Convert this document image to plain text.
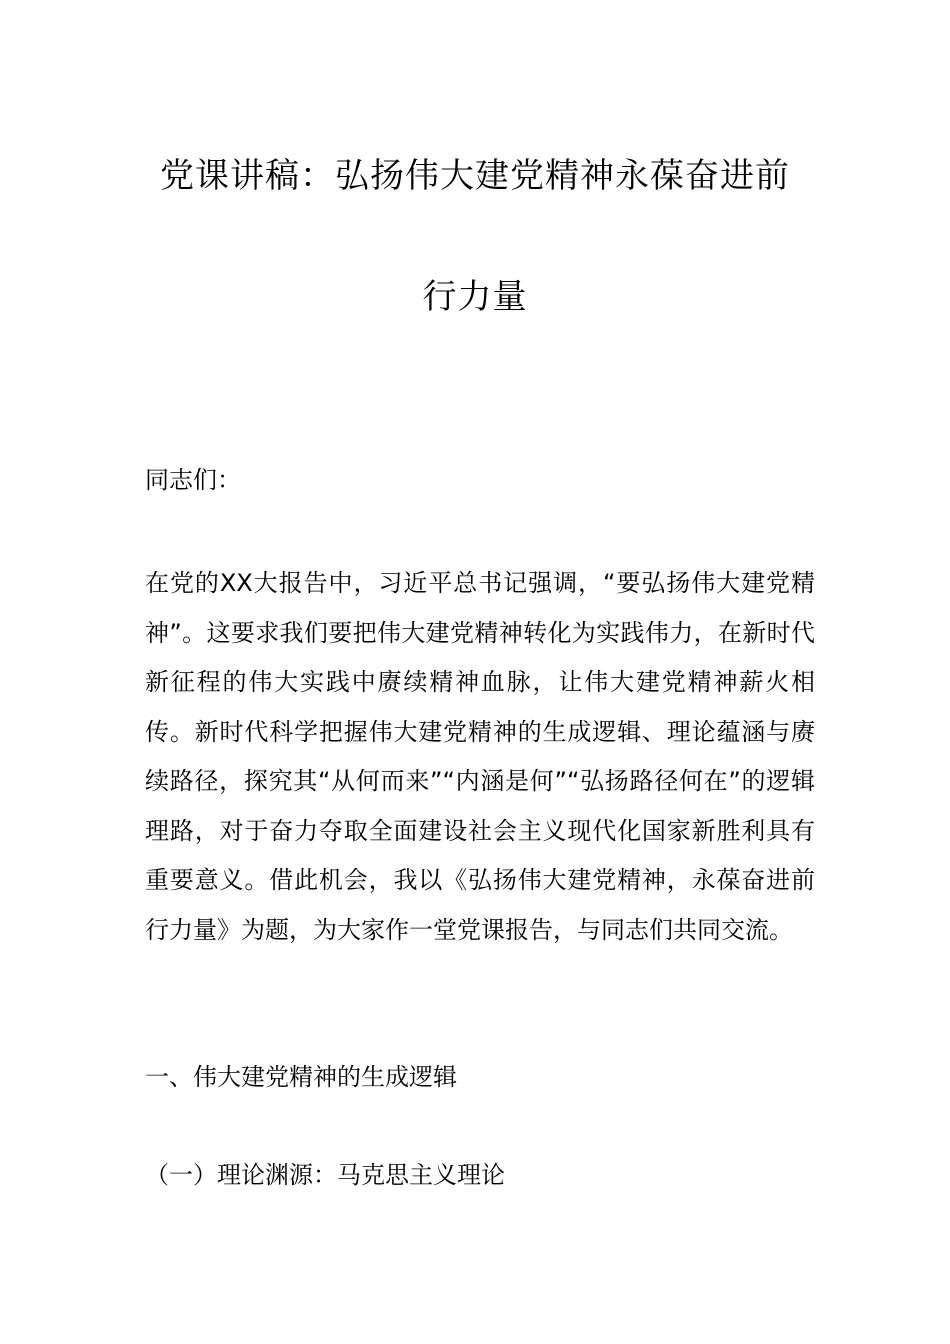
党课讲稿：弘扬伟大建党精神永葆奋进前
行力量

同志们：

在党的XX大报告中，习近平总书记强调，“要弘扬伟大建党精神”。这要求我们要把伟大建党精神转化为实践伟力，在新时代新征程的伟大实践中赓续精神血脉，让伟大建党精神薪火相传。新时代科学把握伟大建党精神的生成逻辑、理论蕴涵与赓续路径，探究其“从何而来”“内涵是何”“弘扬路径何在”的逻辑理路，对于奋力夺取全面建设社会主义现代化国家新胜利具有重要意义。借此机会，我以《弘扬伟大建党精神，永葆奋进前行力量》为题，为大家作一堂党课报告，与同志们共同交流。

一、伟大建党精神的生成逻辑

（一）理论渊源：马克思主义理论
